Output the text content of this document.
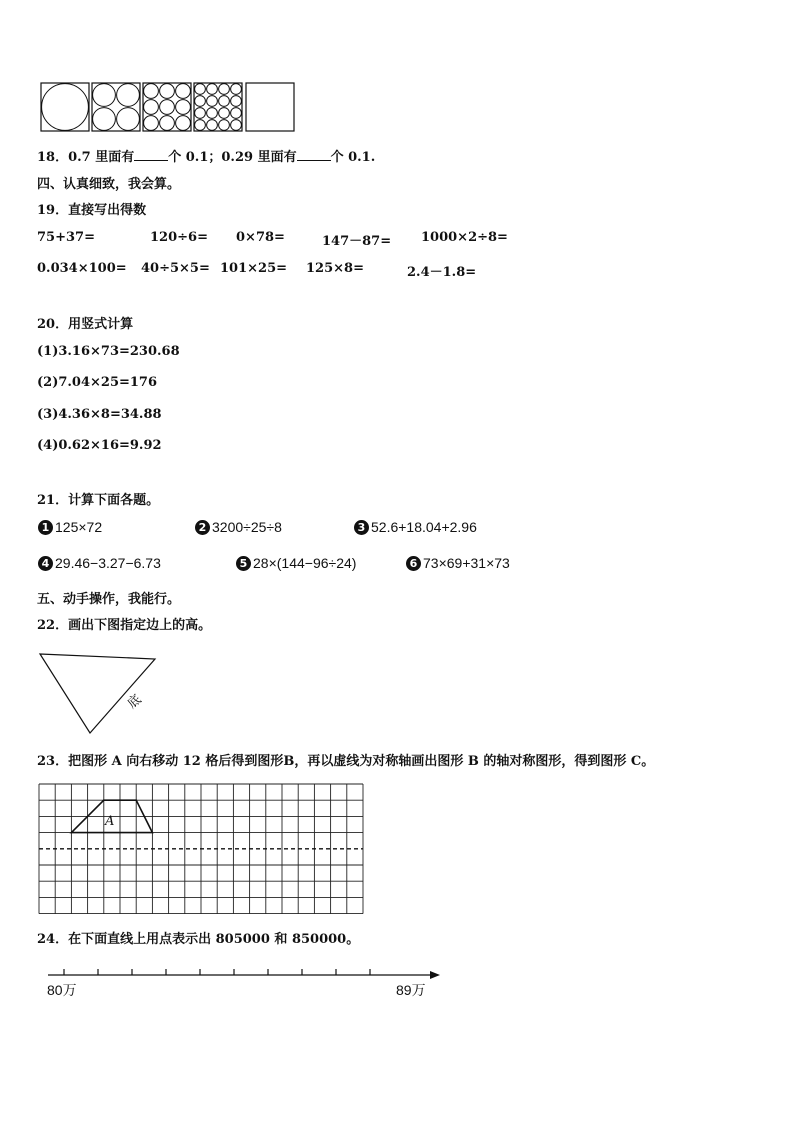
18．0.7 里面有	个 0.1；0.29 里面有	个 0.1.
四、认真细致，我会算。
19．直接写出得数
75+37=	120÷6= 0×78=	147－87= 1000×2÷8=
0.034×100= 40÷5×5= 101×25= 125×8=	2.4－1.8=
20．用竖式计算
(1)3.16×73=230.68
(2)7.04×25=176
(3)4.36×8=34.88
(4)0.62×16=9.92
21．计算下面各题。
1 125×72	2 3200÷25÷8	3 52.6+18.04+2.96
4 29.46−3.27−6.73	5 28×(144−96÷24)	6 73×69+31×73
五、动手操作，我能行。
22．画出下图指定边上的高。
底
23．把图形 A 向右移动 12 格后得到图形B，再以虚线为对称轴画出图形 B 的轴对称图形，得到图形 C。
A
24．在下面直线上用点表示出 805000 和 850000。
80万	89万
